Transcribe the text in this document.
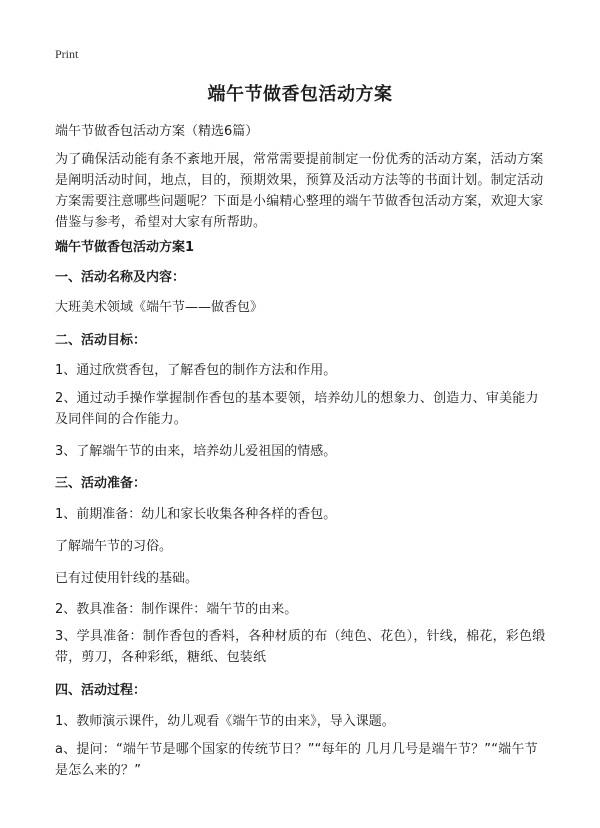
Print
端午节做香包活动方案
端午节做香包活动方案（精选6篇）
为了确保活动能有条不紊地开展，常常需要提前制定一份优秀的活动方案，活动方案是阐明活动时间，地点，目的，预期效果，预算及活动方法等的书面计划。制定活动方案需要注意哪些问题呢？下面是小编精心整理的端午节做香包活动方案，欢迎大家借鉴与参考，希望对大家有所帮助。
端午节做香包活动方案1
一、活动名称及内容：
大班美术领域《端午节——做香包》
二、活动目标：
1、通过欣赏香包，了解香包的制作方法和作用。
2、通过动手操作掌握制作香包的基本要领，培养幼儿的想象力、创造力、审美能力及同伴间的合作能力。
3、了解端午节的由来，培养幼儿爱祖国的情感。
三、活动准备：
1、前期准备：幼儿和家长收集各种各样的香包。
了解端午节的习俗。
已有过使用针线的基础。
2、教具准备：制作课件：端午节的由来。
3、学具准备：制作香包的香料，各种材质的布（纯色、花色），针线，棉花，彩色缎带，剪刀，各种彩纸，糖纸、包装纸
四、活动过程：
1、教师演示课件，幼儿观看《端午节的由来》，导入课题。
a、提问：“端午节是哪个国家的传统节日？”“每年的 几月几号是端午节？”“端午节是怎么来的？”
